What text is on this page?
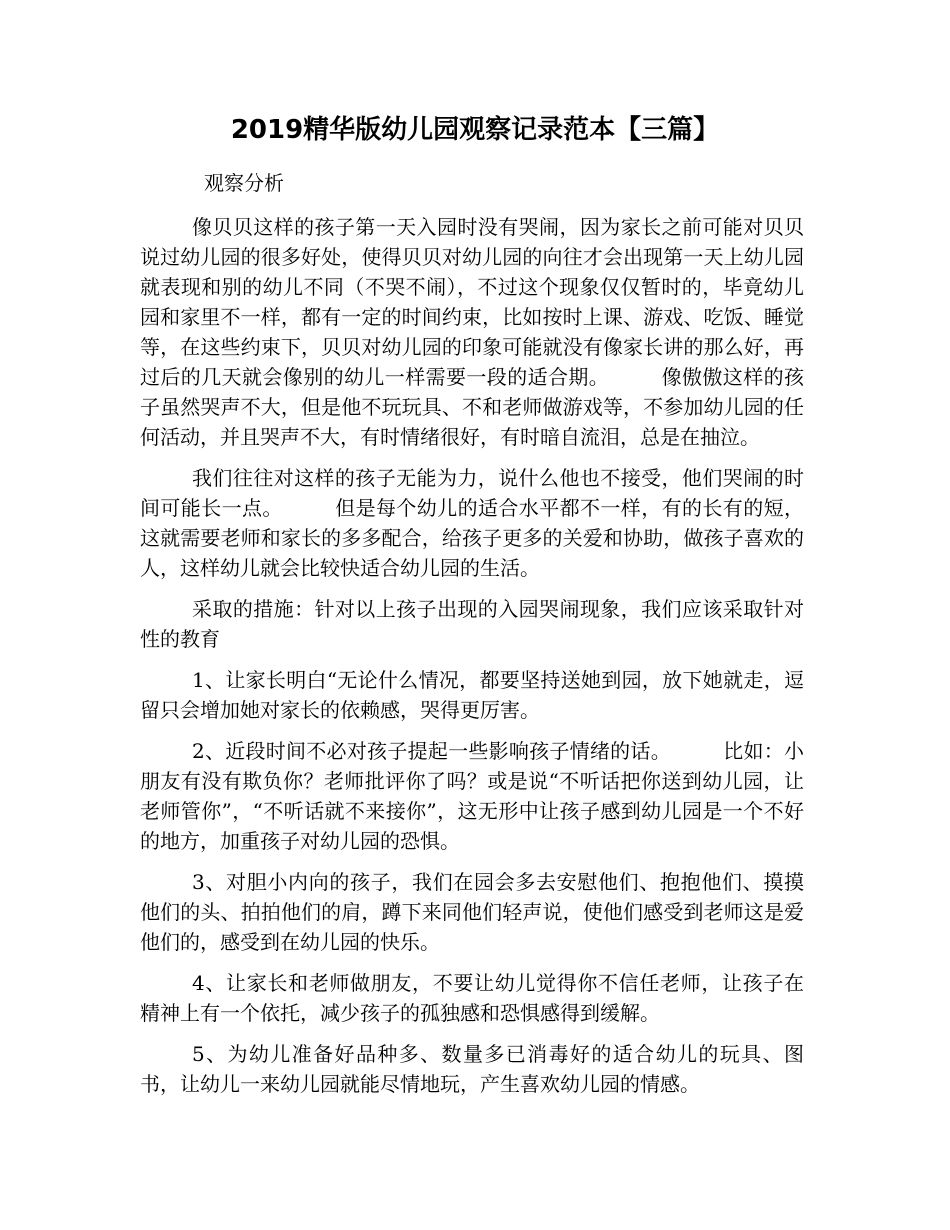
2019精华版幼儿园观察记录范本【三篇】

观察分析

像贝贝这样的孩子第一天入园时没有哭闹，因为家长之前可能对贝贝说过幼儿园的很多好处，使得贝贝对幼儿园的向往才会出现第一天上幼儿园就表现和别的幼儿不同（不哭不闹），不过这个现象仅仅暂时的，毕竟幼儿园和家里不一样，都有一定的时间约束，比如按时上课、游戏、吃饭、睡觉等，在这些约束下，贝贝对幼儿园的印象可能就没有像家长讲的那么好，再过后的几天就会像别的幼儿一样需要一段的适合期。	像傲傲这样的孩子虽然哭声不大，但是他不玩玩具、不和老师做游戏等，不参加幼儿园的任何活动，并且哭声不大，有时情绪很好，有时暗自流泪，总是在抽泣。

我们往往对这样的孩子无能为力，说什么他也不接受，他们哭闹的时间可能长一点。	但是每个幼儿的适合水平都不一样，有的长有的短，这就需要老师和家长的多多配合，给孩子更多的关爱和协助，做孩子喜欢的人，这样幼儿就会比较快适合幼儿园的生活。

采取的措施：针对以上孩子出现的入园哭闹现象，我们应该采取针对性的教育

1、让家长明白“无论什么情况，都要坚持送她到园，放下她就走，逗留只会增加她对家长的依赖感，哭得更厉害。

2、近段时间不必对孩子提起一些影响孩子情绪的话。	比如：小朋友有没有欺负你？老师批评你了吗？或是说“不听话把你送到幼儿园，让老师管你”，“不听话就不来接你”，这无形中让孩子感到幼儿园是一个不好的地方，加重孩子对幼儿园的恐惧。

3、对胆小内向的孩子，我们在园会多去安慰他们、抱抱他们、摸摸他们的头、拍拍他们的肩，蹲下来同他们轻声说，使他们感受到老师这是爱他们的，感受到在幼儿园的快乐。

4、让家长和老师做朋友，不要让幼儿觉得你不信任老师，让孩子在精神上有一个依托，减少孩子的孤独感和恐惧感得到缓解。

5、为幼儿准备好品种多、数量多已消毒好的适合幼儿的玩具、图书，让幼儿一来幼儿园就能尽情地玩，产生喜欢幼儿园的情感。
